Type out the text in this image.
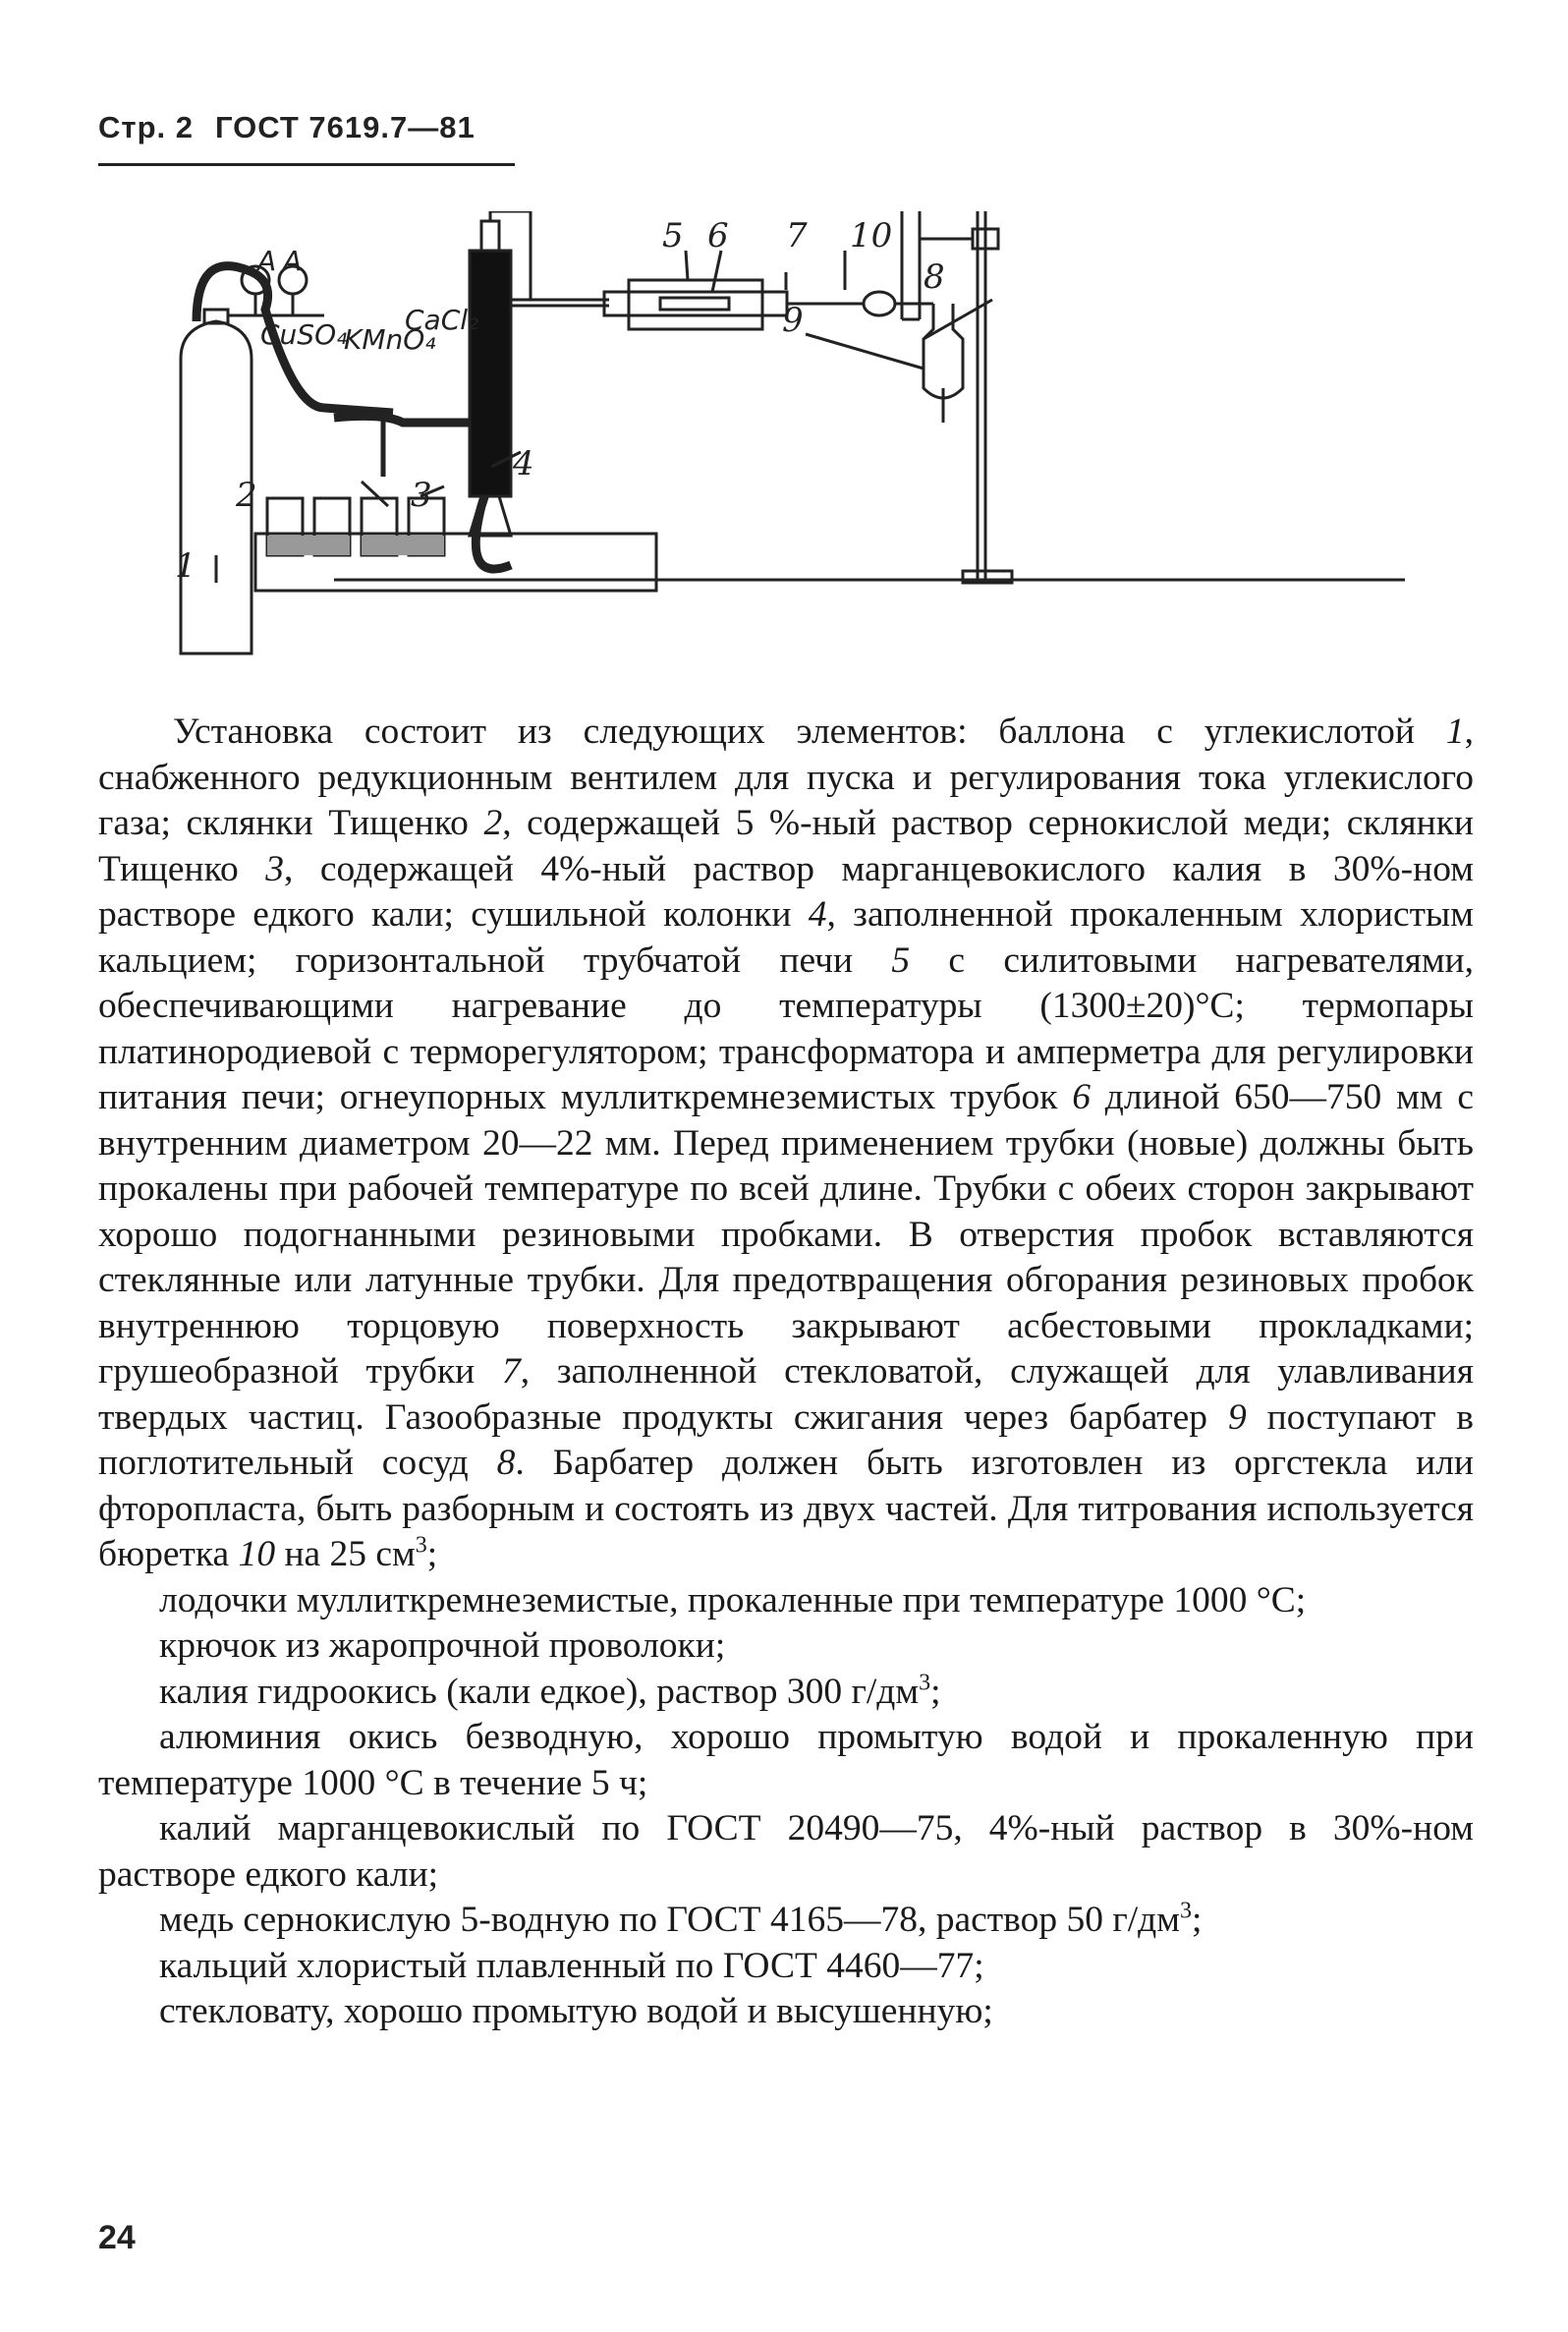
Стр. 2 ГОСТ 7619.7—81
A A
CuSO₄
KMnO₄
CaCl₂
1
2	3
4
5 6 7
8
9
10

Установка состоит из следующих элементов: баллона с углекислотой 1, снабженного редукционным вентилем для пуска и регулирования тока углекислого газа; склянки Тищенко 2, содержащей 5 %-ный раствор сернокислой меди; склянки Тищенко 3, содержащей 4%-ный раствор марганцевокислого калия в 30%-ном растворе едкого кали; сушильной колонки 4, заполненной прокаленным хлористым кальцием; горизонтальной трубчатой печи 5 с силитовыми нагревателями, обеспечивающими нагревание до температуры (1300±20)°С; термопары платинородиевой с терморегулятором; трансформатора и амперметра для регулировки питания печи; огнеупорных муллиткремнеземистых трубок 6 длиной 650—750 мм с внутренним диаметром 20—22 мм. Перед применением трубки (новые) должны быть прокалены при рабочей температуре по всей длине. Трубки с обеих сторон закрывают хорошо подогнанными резиновыми пробками. В отверстия пробок вставляются стеклянные или латунные трубки. Для предотвращения обгорания резиновых пробок внутреннюю торцовую поверхность закрывают асбестовыми прокладками; грушеобразной трубки 7, заполненной стекловатой, служащей для улавливания твердых частиц. Газообразные продукты сжигания через барбатер 9 поступают в поглотительный сосуд 8. Барбатер должен быть изготовлен из оргстекла или фторопласта, быть разборным и состоять из двух частей. Для титрования используется бюретка 10 на 25 $см^3$;

лодочки муллиткремнеземистые, прокаленные при температуре 1000 °С;

крючок из жаропрочной проволоки;

калия гидроокись (кали едкое), раствор 300 $г/дм^3$;

алюминия окись безводную, хорошо промытую водой и прокаленную при температуре 1000 °С в течение 5 ч;

калий марганцевокислый по ГОСТ 20490—75, 4%-ный раствор в 30%-ном растворе едкого кали;

медь сернокислую 5-водную по ГОСТ 4165—78, раствор 50 $г/дм^3$;

кальций хлористый плавленный по ГОСТ 4460—77;

стекловату, хорошо промытую водой и высушенную;

24
